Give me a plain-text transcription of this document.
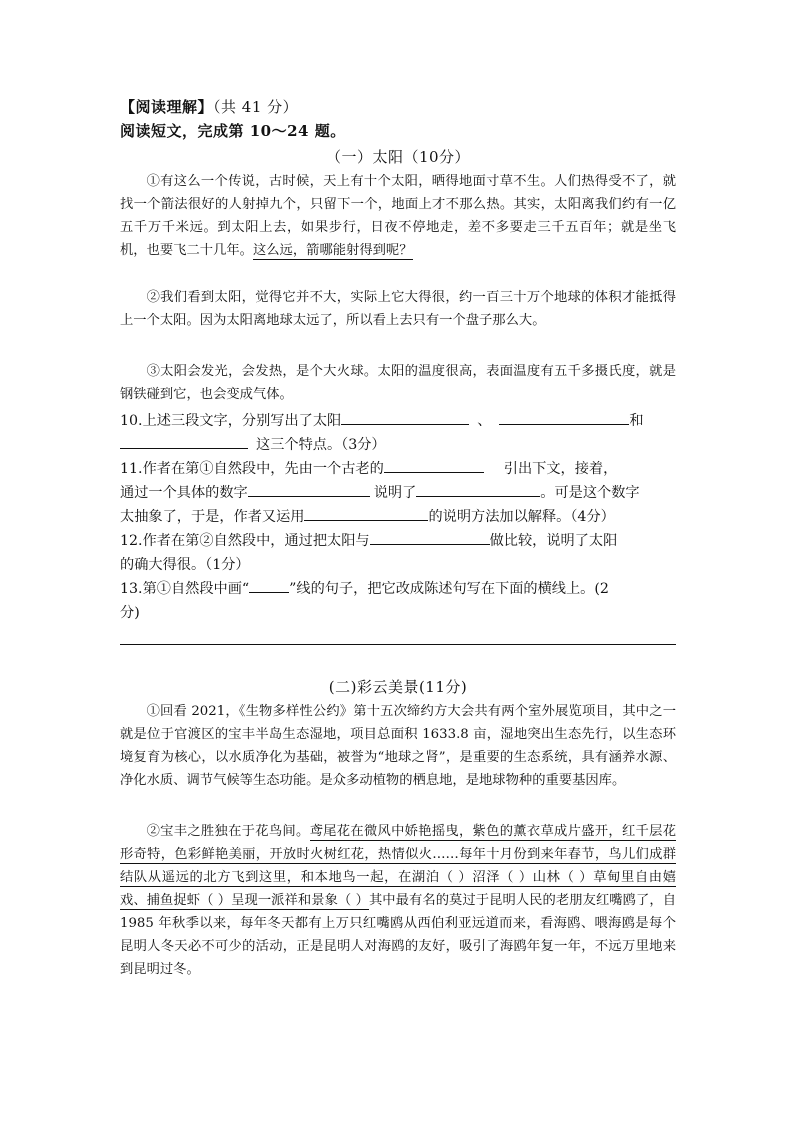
【阅读理解】（共 41 分）
阅读短文，完成第 10～24 题。
（一）太阳（10分）
①有这么一个传说，古时候，天上有十个太阳，晒得地面寸草不生。人们热得受不了，就找一个箭法很好的人射掉九个，只留下一个，地面上才不那么热。其实，太阳离我们约有一亿五千万千米远。到太阳上去，如果步行，日夜不停地走，差不多要走三千五百年；就是坐飞机，也要飞二十几年。这么远，箭哪能射得到呢？
②我们看到太阳，觉得它并不大，实际上它大得很，约一百三十万个地球的体积才能抵得上一个太阳。因为太阳离地球太远了，所以看上去只有一个盘子那么大。
③太阳会发光，会发热，是个大火球。太阳的温度很高，表面温度有五千多摄氏度，就是钢铁碰到它，也会变成气体。
10.上述三段文字，分别写出了太阳	、	和
这三个特点。（3分）
11.作者在第①自然段中，先由一个古老的	引出下文，接着，
通过一个具体的数字	说明了	。可是这个数字
太抽象了，于是，作者又运用	的说明方法加以解释。（4分）
12.作者在第②自然段中，通过把太阳与	做比较，说明了太阳
的确大得很。（1分）
13.第①自然段中画“	”线的句子，把它改成陈述句写在下面的横线上。(2
分)
(二)彩云美景(11分)
①回看 2021，《生物多样性公约》第十五次缔约方大会共有两个室外展览项目，其中之一就是位于官渡区的宝丰半岛生态湿地，项目总面积 1633.8 亩，湿地突出生态先行，以生态环境复育为核心，以水质净化为基础，被誉为“地球之肾”，是重要的生态系统，具有涵养水源、净化水质、调节气候等生态功能。是众多动植物的栖息地，是地球物种的重要基因库。
②宝丰之胜独在于花鸟间。鸢尾花在微风中娇艳摇曳，紫色的薰衣草成片盛开，红千层花形奇特，色彩鲜艳美丽，开放时火树红花，热情似火……每年十月份到来年春节，鸟儿们成群结队从遥远的北方飞到这里，和本地鸟一起，在湖泊（ ）沼泽（ ）山林（ ）草甸里自由嬉戏、捕鱼捉虾（ ）呈现一派祥和景象（ ）其中最有名的莫过于昆明人民的老朋友红嘴鸥了，自 1985 年秋季以来，每年冬天都有上万只红嘴鸥从西伯利亚远道而来，看海鸥、喂海鸥是每个昆明人冬天必不可少的活动，正是昆明人对海鸥的友好，吸引了海鸥年复一年，不远万里地来到昆明过冬。
